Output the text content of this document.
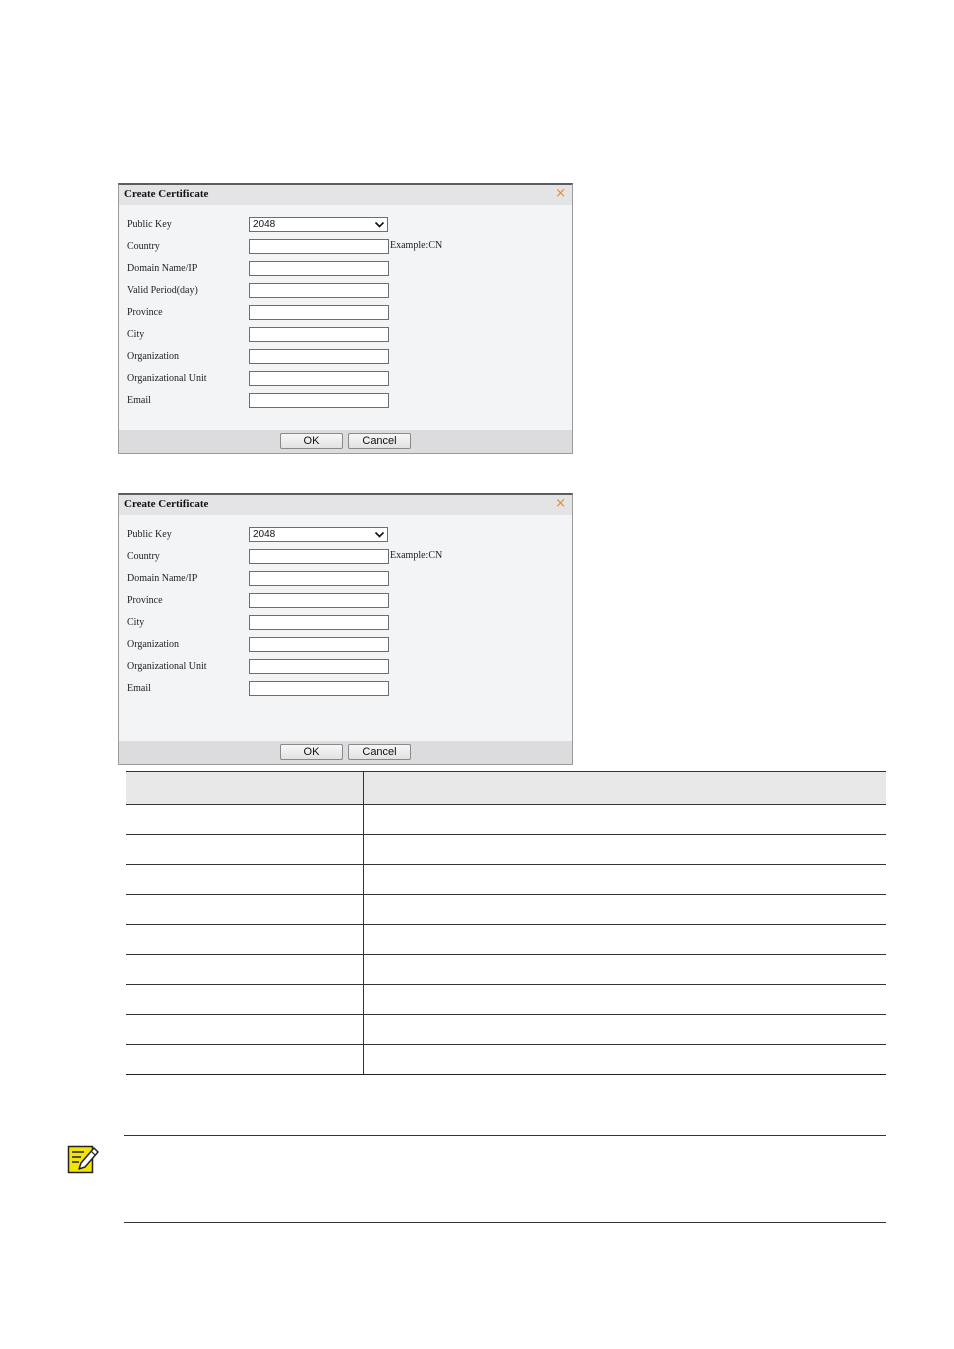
Create Certificate	×
Public Key	2048
Country	Example:CN
Domain Name/IP
Valid Period(day)
Province
City
Organization
Organizational Unit
Email
OK	Cancel
Create Certificate	×
Public Key	2048
Country	Example:CN
Domain Name/IP
Province
City
Organization
Organizational Unit
Email
OK	Cancel
